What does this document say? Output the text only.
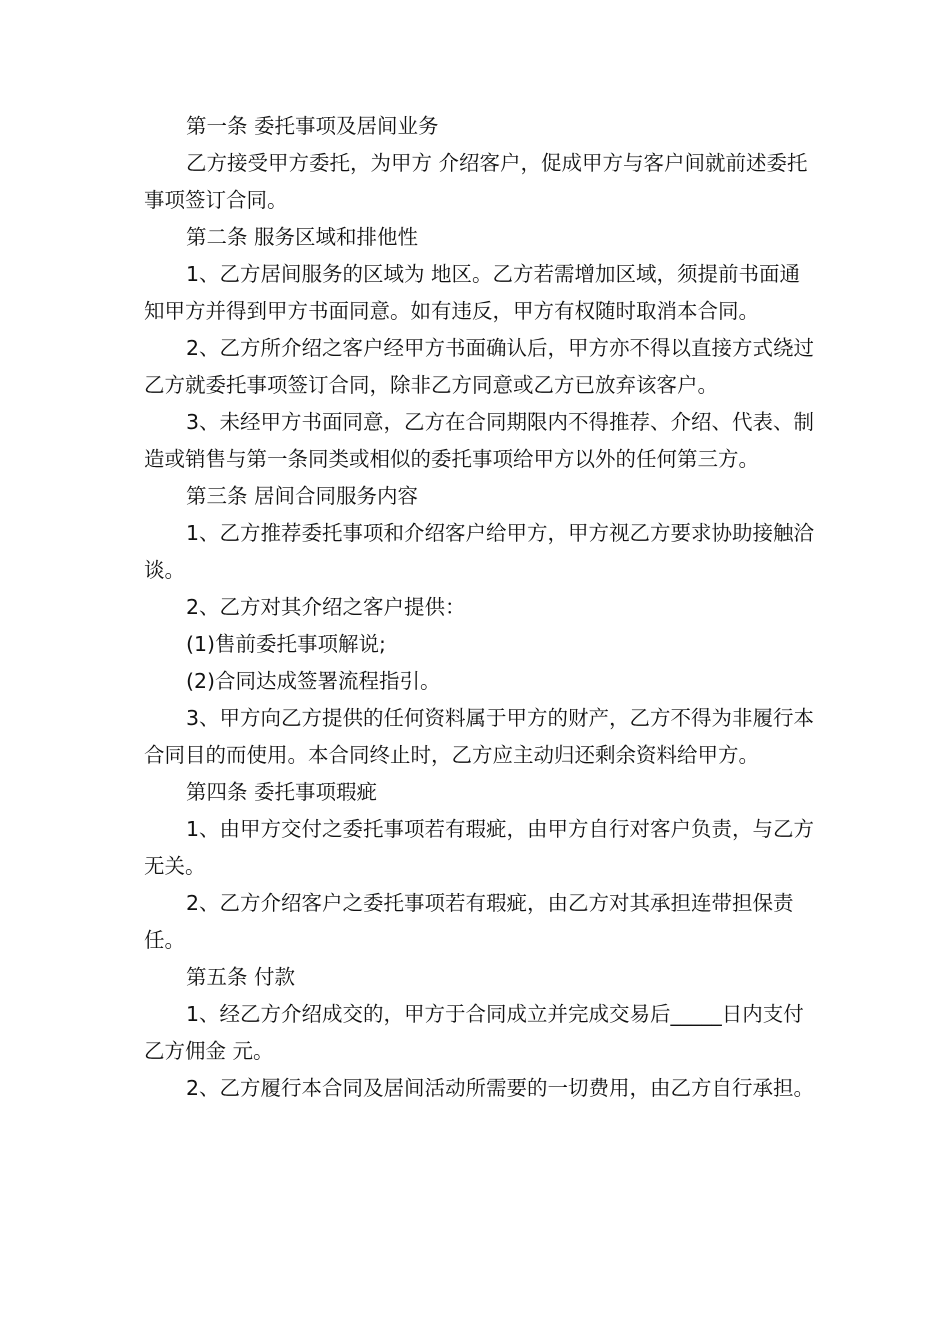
第一条 委托事项及居间业务

乙方接受甲方委托，为甲方 介绍客户，促成甲方与客户间就前述委托事项签订合同。

第二条 服务区域和排他性

1、乙方居间服务的区域为 地区。乙方若需增加区域，须提前书面通知甲方并得到甲方书面同意。如有违反，甲方有权随时取消本合同。

2、乙方所介绍之客户经甲方书面确认后，甲方亦不得以直接方式绕过乙方就委托事项签订合同，除非乙方同意或乙方已放弃该客户。

3、未经甲方书面同意，乙方在合同期限内不得推荐、介绍、代表、制造或销售与第一条同类或相似的委托事项给甲方以外的任何第三方。

第三条 居间合同服务内容

1、乙方推荐委托事项和介绍客户给甲方，甲方视乙方要求协助接触洽谈。

2、乙方对其介绍之客户提供：

(1)售前委托事项解说;

(2)合同达成签署流程指引。

3、甲方向乙方提供的任何资料属于甲方的财产，乙方不得为非履行本合同目的而使用。本合同终止时，乙方应主动归还剩余资料给甲方。

第四条 委托事项瑕疵

1、由甲方交付之委托事项若有瑕疵，由甲方自行对客户负责，与乙方无关。

2、乙方介绍客户之委托事项若有瑕疵，由乙方对其承担连带担保责任。

第五条 付款

1、经乙方介绍成交的，甲方于合同成立并完成交易后_____日内支付乙方佣金 元。

2、乙方履行本合同及居间活动所需要的一切费用，由乙方自行承担。
